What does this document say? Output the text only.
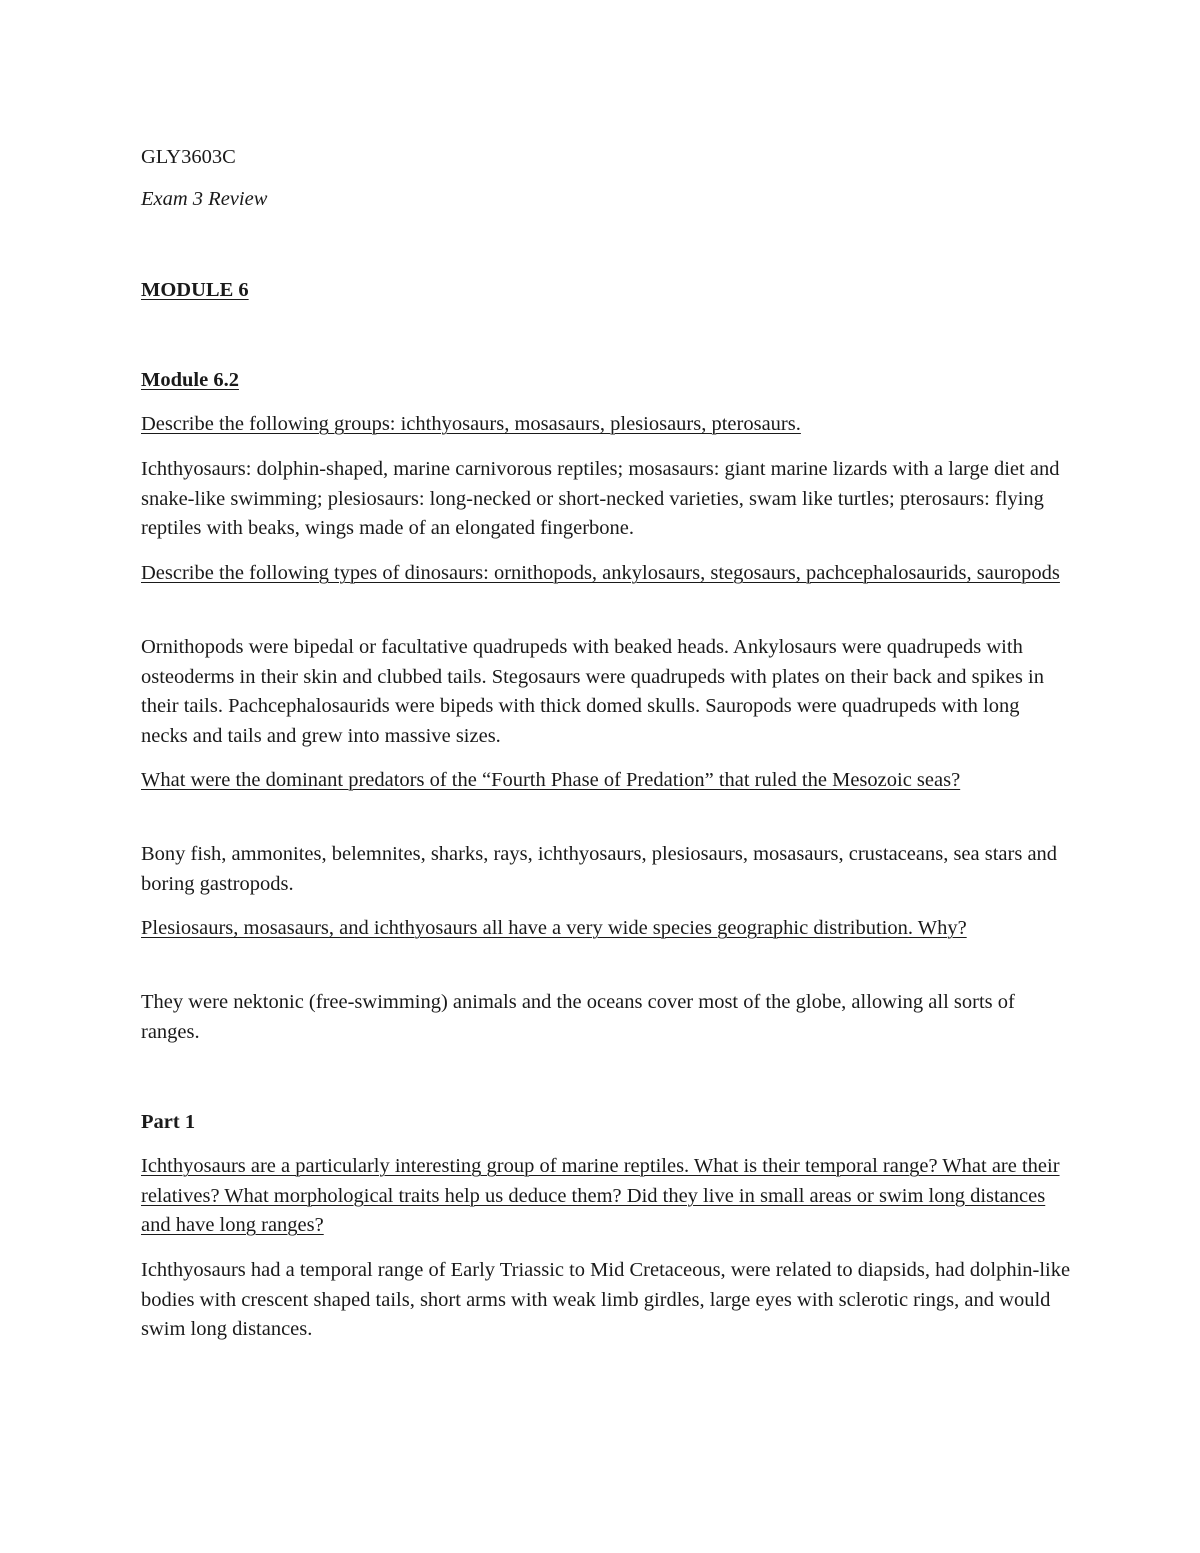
GLY3603C

Exam 3 Review

MODULE 6

Module 6.2

Describe the following groups: ichthyosaurs, mosasaurs, plesiosaurs, pterosaurs.

Ichthyosaurs: dolphin-shaped, marine carnivorous reptiles; mosasaurs: giant marine lizards with a large diet and snake-like swimming; plesiosaurs: long-necked or short-necked varieties, swam like turtles; pterosaurs: flying reptiles with beaks, wings made of an elongated fingerbone.

Describe the following types of dinosaurs: ornithopods, ankylosaurs, stegosaurs, pachcephalosaurids, sauropods

Ornithopods were bipedal or facultative quadrupeds with beaked heads. Ankylosaurs were quadrupeds with osteoderms in their skin and clubbed tails. Stegosaurs were quadrupeds with plates on their back and spikes in their tails. Pachcephalosaurids were bipeds with thick domed skulls. Sauropods were quadrupeds with long necks and tails and grew into massive sizes.

What were the dominant predators of the “Fourth Phase of Predation” that ruled the Mesozoic seas?

Bony fish, ammonites, belemnites, sharks, rays, ichthyosaurs, plesiosaurs, mosasaurs, crustaceans, sea stars and boring gastropods.

Plesiosaurs, mosasaurs, and ichthyosaurs all have a very wide species geographic distribution. Why?

They were nektonic (free-swimming) animals and the oceans cover most of the globe, allowing all sorts of ranges.

Part 1

Ichthyosaurs are a particularly interesting group of marine reptiles. What is their temporal range? What are their relatives? What morphological traits help us deduce them? Did they live in small areas or swim long distances and have long ranges?

Ichthyosaurs had a temporal range of Early Triassic to Mid Cretaceous, were related to diapsids, had dolphin-like bodies with crescent shaped tails, short arms with weak limb girdles, large eyes with sclerotic rings, and would swim long distances.
